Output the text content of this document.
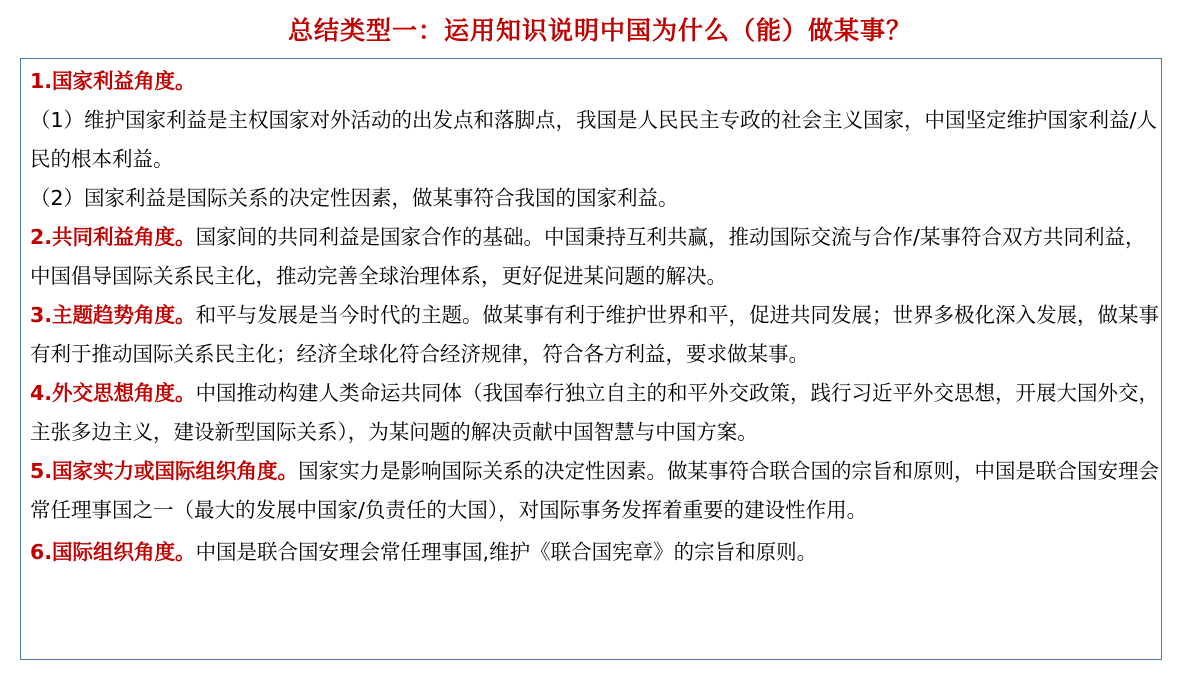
总结类型一：运用知识说明中国为什么（能）做某事？

1.国家利益角度。

（1）维护国家利益是主权国家对外活动的出发点和落脚点，我国是人民民主专政的社会主义国家，中国坚定维护国家利益/人民的根本利益。

（2）国家利益是国际关系的决定性因素，做某事符合我国的国家利益。

2.共同利益角度。国家间的共同利益是国家合作的基础。中国秉持互利共赢，推动国际交流与合作/某事符合双方共同利益，中国倡导国际关系民主化，推动完善全球治理体系，更好促进某问题的解决。

3.主题趋势角度。和平与发展是当今时代的主题。做某事有利于维护世界和平，促进共同发展；世界多极化深入发展，做某事有利于推动国际关系民主化；经济全球化符合经济规律，符合各方利益，要求做某事。

4.外交思想角度。中国推动构建人类命运共同体（我国奉行独立自主的和平外交政策，践行习近平外交思想，开展大国外交，主张多边主义，建设新型国际关系），为某问题的解决贡献中国智慧与中国方案。

5.国家实力或国际组织角度。国家实力是影响国际关系的决定性因素。做某事符合联合国的宗旨和原则，中国是联合国安理会常任理事国之一（最大的发展中国家/负责任的大国），对国际事务发挥着重要的建设性作用。

6.国际组织角度。中国是联合国安理会常任理事国,维护《联合国宪章》的宗旨和原则。
